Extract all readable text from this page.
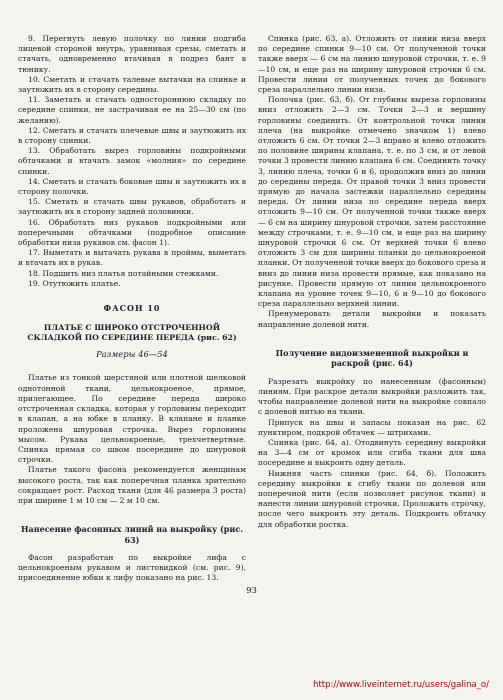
9. Перегнуть левую полочку по линии подгиба лицевой стороной внутрь, уравнивая срезы, сметать и стачать, одновременно втачивая в подрез бант в тюнику.

10. Сметать и стачать талевые вытачки на спинке и заутюжить их в сторону середины.

11. Заметать и стачать одностороннюю складку по середине спинки, не застрачивая ее на 25—30 см (по желанию).

12. Сметать и стачать плечевые швы и заутюжить их в сторону спинки.

13. Обработать вырез горловины подкройными обтачками и втачать замок «молния» по середине спинки.

14. Сметать и стачать боковые швы и заутюжить их в сторону полочки.

15. Сметать и стачать швы рукавов, обработать и заутюжить их в сторону задней половинки.

16. Обработать низ рукавов подкройными или поперечными обтачками (подробное описание обработки низа рукавов см. фасон 1).

17. Выметать и вытачать рукава в проймы, выметать и втачать их в рукав.

18. Подшить низ платья потайными стежками.

19. Отутюжить платье.

ФАСОН 10
ПЛАТЬЕ С ШИРОКО ОТСТРОЧЕННОЙ СКЛАДКОЙ ПО СЕРЕДИНЕ ПЕРЕДА (рис. 62)
Размеры 46—54

Платье из тонкой шерстяной или плотной шелковой однотонной ткани, цельнокроеное, прямое, прилегающее. По середине переда широко отстроченная складка, которая у горловины переходит в клапан, а на юбке в планку. В клапане и планке проложена шнуровая строчка. Вырез горловины мысом. Рукава цельнокроеные, трехчетвертные. Спинка прямая со швом посередине до шнуровой строчки.

Платье такого фасона рекомендуется женщинам высокого роста, так как поперечная планка зрительно сокращает рост. Расход ткани (для 46 размера 3 роста) при ширине 1 м 10 см — 2 м 10 см.

Нанесение фасонных линий на выкройку (рис. 63)

Фасон разработан по выкройке лифа с цельнокроеным рукавом и листовидкой (см. рис. 9), присоединение юбки к лифу показано на рис. 13.

Спинка (рис. 63, а). Отложить от линии низа вверх по середине спинки 9—10 см. От полученной точки также вверх — 6 см на линию шнуровой строчки, т. е. 9—10 см, и еще раз на ширину шнуровой строчки 6 см. Провести линии от полученных точек до бокового среза параллельно линии низа.

Полочка (рис. 63, б). От глубины выреза горловины вниз отложить 2—3 см. Точки 2—3 и вершину горловины соединить. От контрольной точки линии плеча (на выкройке отмечено значком 1) влево отложить 6 см. От точки 2—3 вправо и влево отложить по половине ширины клапана, т. е. по 3 см, и от левой точки 3 провести линию клапана 6 см. Соединить точку 3, линию плеча, точки 6 и 6, продолжив вниз до линии до середины переда. От правой точки 3 вниз провести прямую до начала застежки параллельно середины переда. От линии низа по середине переда вверх отложить 9—10 см. От полученной точки также вверх — 6 см на ширину шнуровой строчки, затем расстояние между строчками, т. е. 9—10 см, и еще раз на ширину шнуровой строчки 6 см. От верхней точки 6 влево отложить 3 см для ширины планки до цельнокроеной планки. От полученной точки вверх до бокового среза и вниз до линии низа провести прямые, как показано на рисунке. Провести прямую от линии цельнокроеного клапана на уровне точек 9—10, 6 и 9—10 до бокового среза параллельно верхней линии.

Пренумеровать детали выкройки и показать направление долевой нити.

Получение видоизмененной выкройки и раскрой (рис. 64)

Разрезать выкройку по нанесенным (фасонным) линиям. При раскрое детали выкройки разложить так, чтобы направление долевой нити на выкройке совпало с долевой нитью на ткани.

Припуск на швы и запасы показан на рис. 62 пунктиром, подкрой обтачек — штрихами.

Спинка (рис. 64, а). Отодвинуть середину выкройки на 3—4 см от кромок или сгиба ткани для шва посередине и выкроить одну деталь.

Нижняя часть спинки (рис. 64, б). Положить середину выкройки к сгибу ткани по долевой или поперечной нити (если позволяет рисунок ткани) и нанести линии шнуровой строчки. Проложить строчку, после чего выкроить эту деталь. Подкроить обтачку для обработки ростка.

93
http://www.liveinternet.ru/users/galina_o/
